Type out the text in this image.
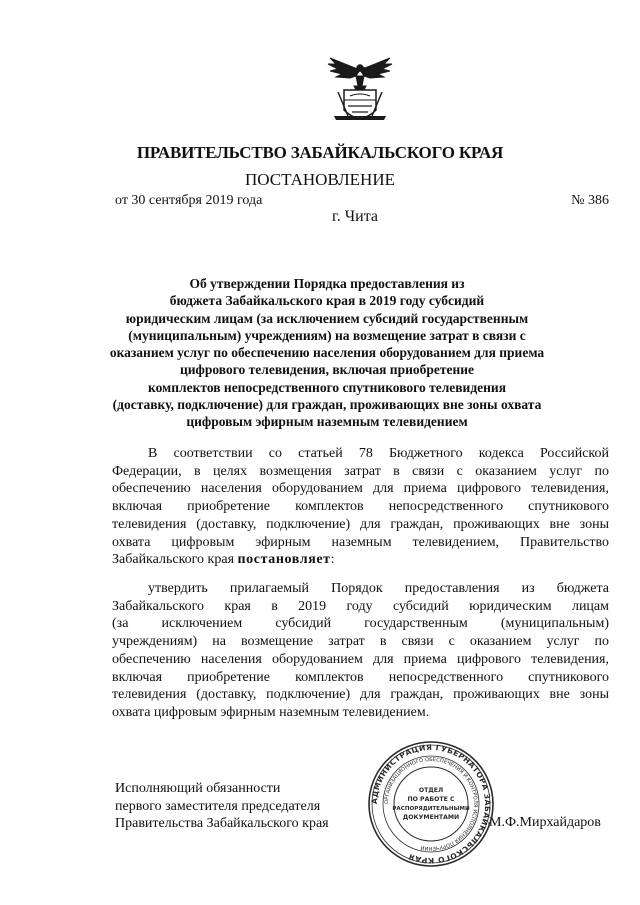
ПРАВИТЕЛЬСТВО ЗАБАЙКАЛЬСКОГО КРАЯ
ПОСТАНОВЛЕНИЕ
от 30 сентября 2019 года	№ 386
г. Чита
Об утверждении Порядка предоставления из
бюджета Забайкальского края в 2019 году субсидий
юридическим лицам (за исключением субсидий государственным
(муниципальным) учреждениям) на возмещение затрат в связи с
оказанием услуг по обеспечению населения оборудованием для приема
цифрового телевидения, включая приобретение
комплектов непосредственного спутникового телевидения
(доставку, подключение) для граждан, проживающих вне зоны охвата
цифровым эфирным наземным телевидением
В соответствии со статьей 78 Бюджетного кодекса Российской
Федерации, в целях возмещения затрат в связи с оказанием услуг по
обеспечению населения оборудованием для приема цифрового телевидения,
включая приобретение комплектов непосредственного спутникового
телевидения (доставку, подключение) для граждан, проживающих вне зоны
охвата цифровым эфирным наземным телевидением, Правительство
Забайкальского края постановляет:
утвердить прилагаемый Порядок предоставления из бюджета
Забайкальского края в 2019 году субсидий юридическим лицам
(за исключением субсидий государственным (муниципальным)
учреждениям) на возмещение затрат в связи с оказанием услуг по
обеспечению населения оборудованием для приема цифрового телевидения,
включая приобретение комплектов непосредственного спутникового
телевидения (доставку, подключение) для граждан, проживающих вне зоны
охвата цифровым эфирным наземным телевидением.
Исполняющий обязанности
первого заместителя председателя
Правительства Забайкальского края	М.Ф.Мирхайдаров
АДМИНИСТРАЦИЯ ГУБЕРНАТОРА ЗАБАЙКАЛЬСКОГО КРАЯ
ОРГАНИЗАЦИОННОГО ОБЕСПЕЧЕНИЯ И КОНТРОЛЯ ИСПОЛНЕНИЯ ПОРУЧЕНИЙ
ОТДЕЛ
ПО РАБОТЕ С
РАСПОРЯДИТЕЛЬНЫМИ
ДОКУМЕНТАМИ
